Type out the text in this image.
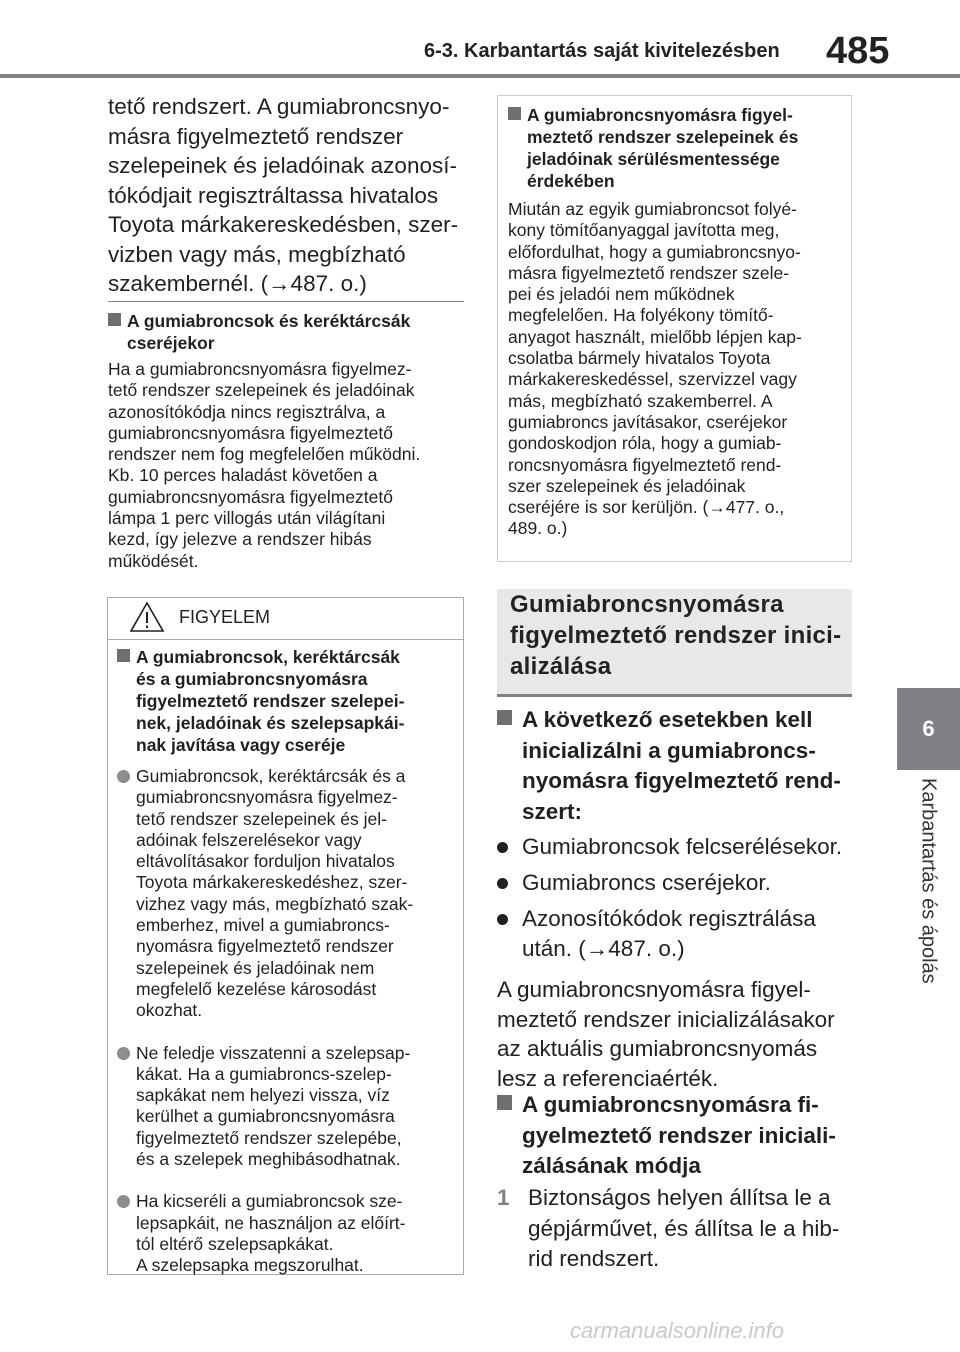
6-3. Karbantartás saját kivitelezésben 485
6
Karbantartás és ápolás
tető rendszert. A gumiabroncsnyo-
másra figyelmeztető rendszer
szelepeinek és jeladóinak azonosí-
tókódjait regisztráltassa hivatalos
Toyota márkakereskedésben, szer-
vizben vagy más, megbízható
szakembernél. (→487. o.)
A gumiabroncsok és keréktárcsák
cseréjekor
Ha a gumiabroncsnyomásra figyelmez-
tető rendszer szelepeinek és jeladóinak
azonosítókódja nincs regisztrálva, a
gumiabroncsnyomásra figyelmeztető
rendszer nem fog megfelelően működni.
Kb. 10 perces haladást követően a
gumiabroncsnyomásra figyelmeztető
lámpa 1 perc villogás után világítani
kezd, így jelezve a rendszer hibás
működését.
FIGYELEM
A gumiabroncsok, keréktárcsák
és a gumiabroncsnyomásra
figyelmeztető rendszer szelepei-
nek, jeladóinak és szelepsapkái-
nak javítása vagy cseréje
Gumiabroncsok, keréktárcsák és a
gumiabroncsnyomásra figyelmez-
tető rendszer szelepeinek és jel-
adóinak felszerelésekor vagy
eltávolításakor forduljon hivatalos
Toyota márkakereskedéshez, szer-
vizhez vagy más, megbízható szak-
emberhez, mivel a gumiabroncs-
nyomásra figyelmeztető rendszer
szelepeinek és jeladóinak nem
megfelelő kezelése károsodást
okozhat.
Ne feledje visszatenni a szelepsap-
kákat. Ha a gumiabroncs-szelep-
sapkákat nem helyezi vissza, víz
kerülhet a gumiabroncsnyomásra
figyelmeztető rendszer szelepébe,
és a szelepek meghibásodhatnak.
Ha kicseréli a gumiabroncsok sze-
lepsapkáit, ne használjon az előírt-
tól eltérő szelepsapkákat.
A szelepsapka megszorulhat.
A gumiabroncsnyomásra figyel-
meztető rendszer szelepeinek és
jeladóinak sérülésmentessége
érdekében
Miután az egyik gumiabroncsot folyé-
kony tömítőanyaggal javította meg,
előfordulhat, hogy a gumiabroncsnyo-
másra figyelmeztető rendszer szele-
pei és jeladói nem működnek
megfelelően. Ha folyékony tömítő-
anyagot használt, mielőbb lépjen kap-
csolatba bármely hivatalos Toyota
márkakereskedéssel, szervizzel vagy
más, megbízható szakemberrel. A
gumiabroncs javításakor, cseréjekor
gondoskodjon róla, hogy a gumiab-
roncsnyomásra figyelmeztető rend-
szer szelepeinek és jeladóinak
cseréjére is sor kerüljön. (→477. o.,
489. o.)
Gumiabroncsnyomásra
figyelmeztető rendszer inici-
alizálása
A következő esetekben kell
inicializálni a gumiabroncs-
nyomásra figyelmeztető rend-
szert:
Gumiabroncsok felcserélésekor.
Gumiabroncs cseréjekor.
Azonosítókódok regisztrálása
után. (→487. o.)
A gumiabroncsnyomásra figyel-
meztető rendszer inicializálásakor
az aktuális gumiabroncsnyomás
lesz a referenciaérték.
A gumiabroncsnyomásra fi-
gyelmeztető rendszer iniciali-
zálásának módja
1 Biztonságos helyen állítsa le a
gépjárművet, és állítsa le a hib-
rid rendszert.
carmanualsonline.info
